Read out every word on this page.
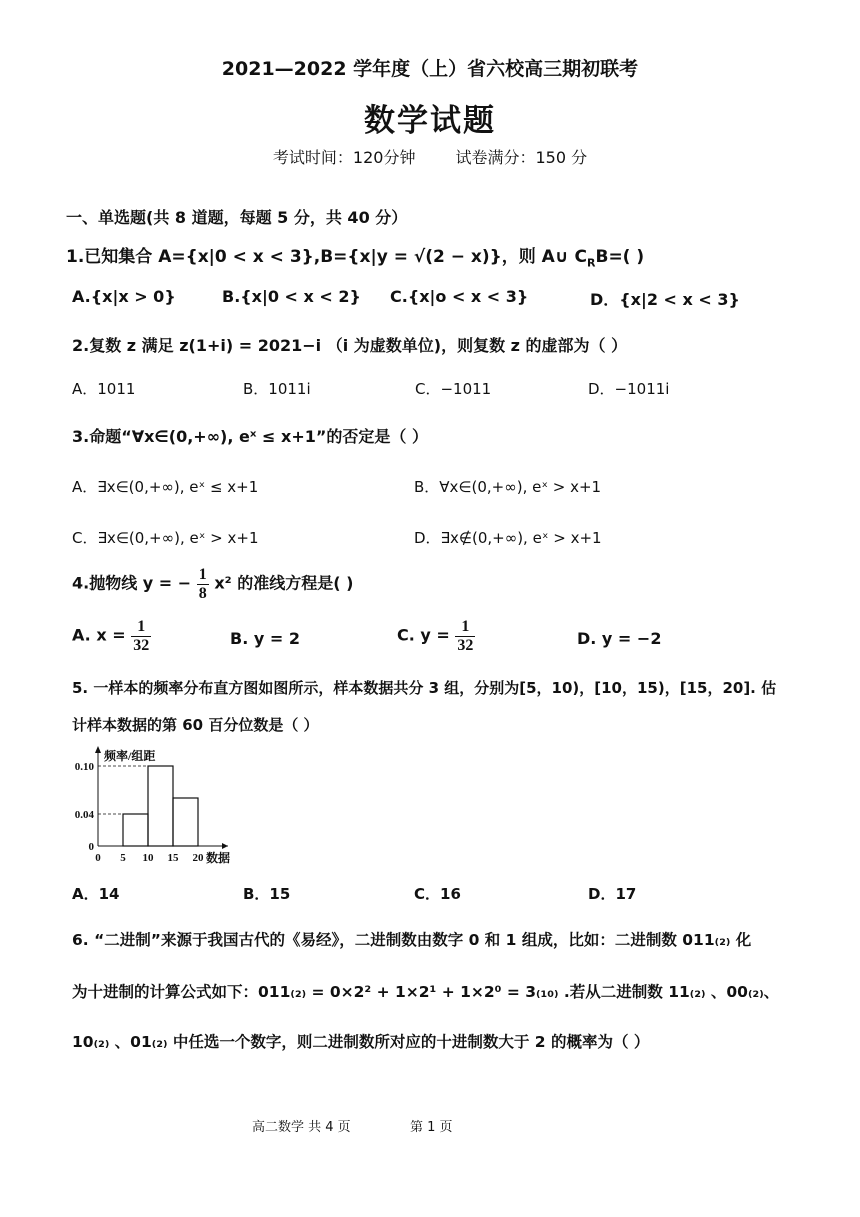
2021—2022 学年度（上）省六校高三期初联考
数学试题
考试时间：120分钟	试卷满分：150 分
一、单选题(共 8 道题，每题 5 分，共 40 分）
1.已知集合 A={x|0 < x < 3},B={x|y = √(2 − x)}，则 A∪ $C_RB=$( )
A.{x|x > 0}	B.{x|0 < x < 2} C.{x|o < x < 3}	D．{x|2 < x < 3}
2.复数 z 满足 z(1+i) = 2021−i （i 为虚数单位)，则复数 z 的虚部为（ ）
A．1011	B．1011i	C．−1011	D．−1011i
3.命题“∀x∈(0,+∞), eˣ ≤ x+1”的否定是（ ）
A．∃x∈(0,+∞), eˣ ≤ x+1	B．∀x∈(0,+∞), eˣ > x+1
C．∃x∈(0,+∞), eˣ > x+1	D．∃x∉(0,+∞), eˣ > x+1
4.抛物线 y = − $\frac{1}{8} x^2$ 的准线方程是( )
A. $x = \frac{1}{32}$	B. y = 2	C. $y = \frac{1}{32}$	D. y = −2
5. 一样本的频率分布直方图如图所示，样本数据共分 3 组，分别为[5，10)，[10，15)，[15，20]. 估
计样本数据的第 60 百分位数是（ ）
频率/组距
0
0.04
0.10
0 5 10 15 20 数据
A．14	B．15	C．16	D．17
6. “二进制”来源于我国古代的《易经》，二进制数由数字 0 和 1 组成，比如：二进制数 011₍₂₎ 化
为十进制的计算公式如下：011₍₂₎ = 0×2² + 1×2¹ + 1×2⁰ = 3₍₁₀₎ .若从二进制数 11₍₂₎ 、00₍₂₎、
10₍₂₎ 、01₍₂₎ 中任选一个数字，则二进制数所对应的十进制数大于 2 的概率为（ ）
高二数学 共 4 页	第 1 页
